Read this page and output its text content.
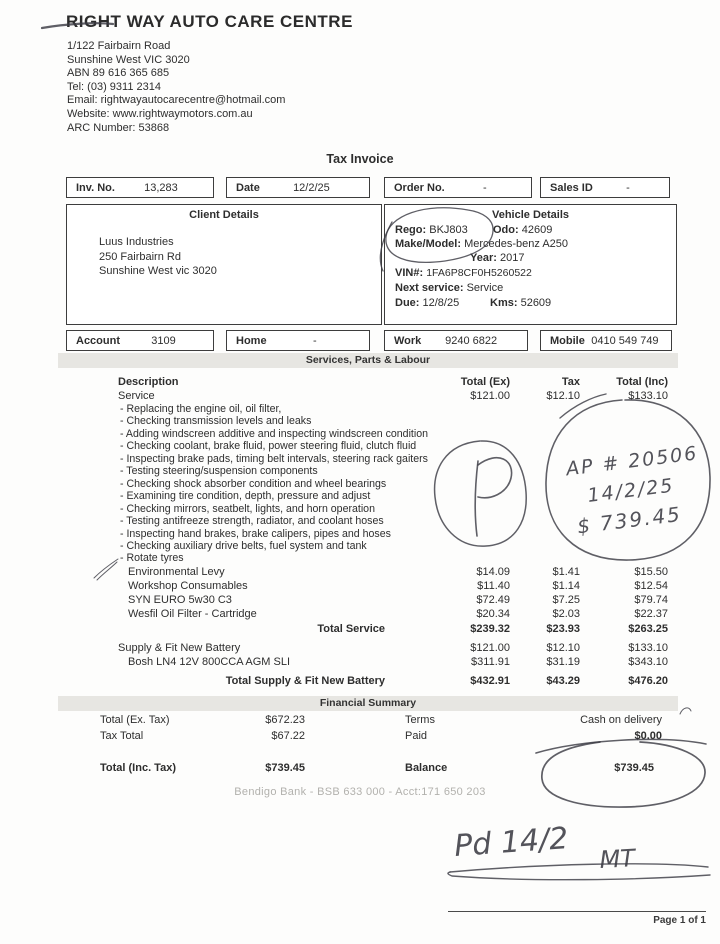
RIGHT WAY AUTO CARE CENTRE
1/122 Fairbairn Road
Sunshine West VIC 3020
ABN 89 616 365 685
Tel: (03) 9311 2314
Email: rightwayautocarecentre@hotmail.com
Website: www.rightwaymotors.com.au
ARC Number: 53868
Tax Invoice
Inv. No.	13,283	Date	12/2/25	Order No.	-	Sales ID	-
Client Details
Luus Industries
250 Fairbairn Rd
Sunshine West vic 3020
Vehicle Details
Rego: BKJ803 Odo: 42609
Make/Model: Mercedes-benz A250
Year: 2017
VIN#: 1FA6P8CF0H5260522
Next service: Service
Due: 12/8/25	Kms: 52609
Account	3109	Home	-	Work	9240 6822	Mobile 0410 549 749
Services, Parts & Labour
Description	Total (Ex)	Tax	Total (Inc)
Service	$121.00	$12.10	$133.10
- Replacing the engine oil, oil filter,
- Checking transmission levels and leaks
- Adding windscreen additive and inspecting windscreen condition
- Checking coolant, brake fluid, power steering fluid, clutch fluid
- Inspecting brake pads, timing belt intervals, steering rack gaiters
- Testing steering/suspension components
- Checking shock absorber condition and wheel bearings
- Examining tire condition, depth, pressure and adjust
- Checking mirrors, seatbelt, lights, and horn operation
- Testing antifreeze strength, radiator, and coolant hoses
- Inspecting hand brakes, brake calipers, pipes and hoses
- Checking auxiliary drive belts, fuel system and tank
- Rotate tyres
Environmental Levy	$14.09	$1.41	$15.50
Workshop Consumables	$11.40	$1.14	$12.54
SYN EURO 5w30 C3	$72.49	$7.25	$79.74
Wesfil Oil Filter - Cartridge	$20.34	$2.03	$22.37
Total Service	$239.32	$23.93	$263.25
Supply & Fit New Battery	$121.00	$12.10	$133.10
Bosh LN4 12V 800CCA AGM SLI	$311.91	$31.19	$343.10
Total Supply & Fit New Battery	$432.91	$43.29	$476.20
Financial Summary
Total (Ex. Tax)	$672.23	Terms	Cash on delivery
Tax Total	$67.22	Paid	$0.00
Total (Inc. Tax)	$739.45	Balance	$739.45
Bendigo Bank - BSB 633 000 - Acct:171 650 203
Page 1 of 1
AP # 20506
14/2/25
$ 739.45
Pd 14/2 MT
